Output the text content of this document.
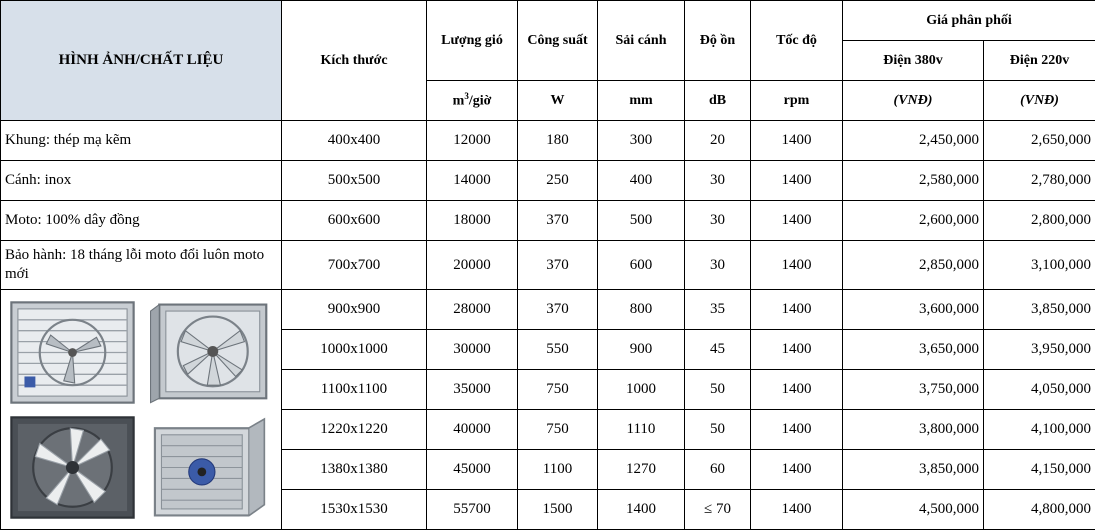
HÌNH ẢNH/CHẤT LIỆU	Kích thước	Lượng gió	Công suất	Sải cánh	Độ ồn	Tốc độ	Giá phân phối	
							Điện 380v	Điện 220v
		$m^3$/giờ	W	mm	dB	rpm	(VNĐ)	(VNĐ)
Khung: thép mạ kẽm	400x400	12000	180	300	20	1400	2,450,000	2,650,000
Cánh: inox	500x500	14000	250	400	30	1400	2,580,000	2,780,000
Moto: 100% dây đồng	600x600	18000	370	500	30	1400	2,600,000	2,800,000
Bảo hành: 18 tháng lỗi moto đổi luôn moto mới	700x700	20000	370	600	30	1400	2,850,000	3,100,000

	900x900	28000	370	800	35	1400	3,600,000	3,850,000
	1000x1000	30000	550	900	45	1400	3,650,000	3,950,000
	1100x1100	35000	750	1000	50	1400	3,750,000	4,050,000
	1220x1220	40000	750	1110	50	1400	3,800,000	4,100,000
	1380x1380	45000	1100	1270	60	1400	3,850,000	4,150,000
	1530x1530	55700	1500	1400	≤ 70	1400	4,500,000	4,800,000
